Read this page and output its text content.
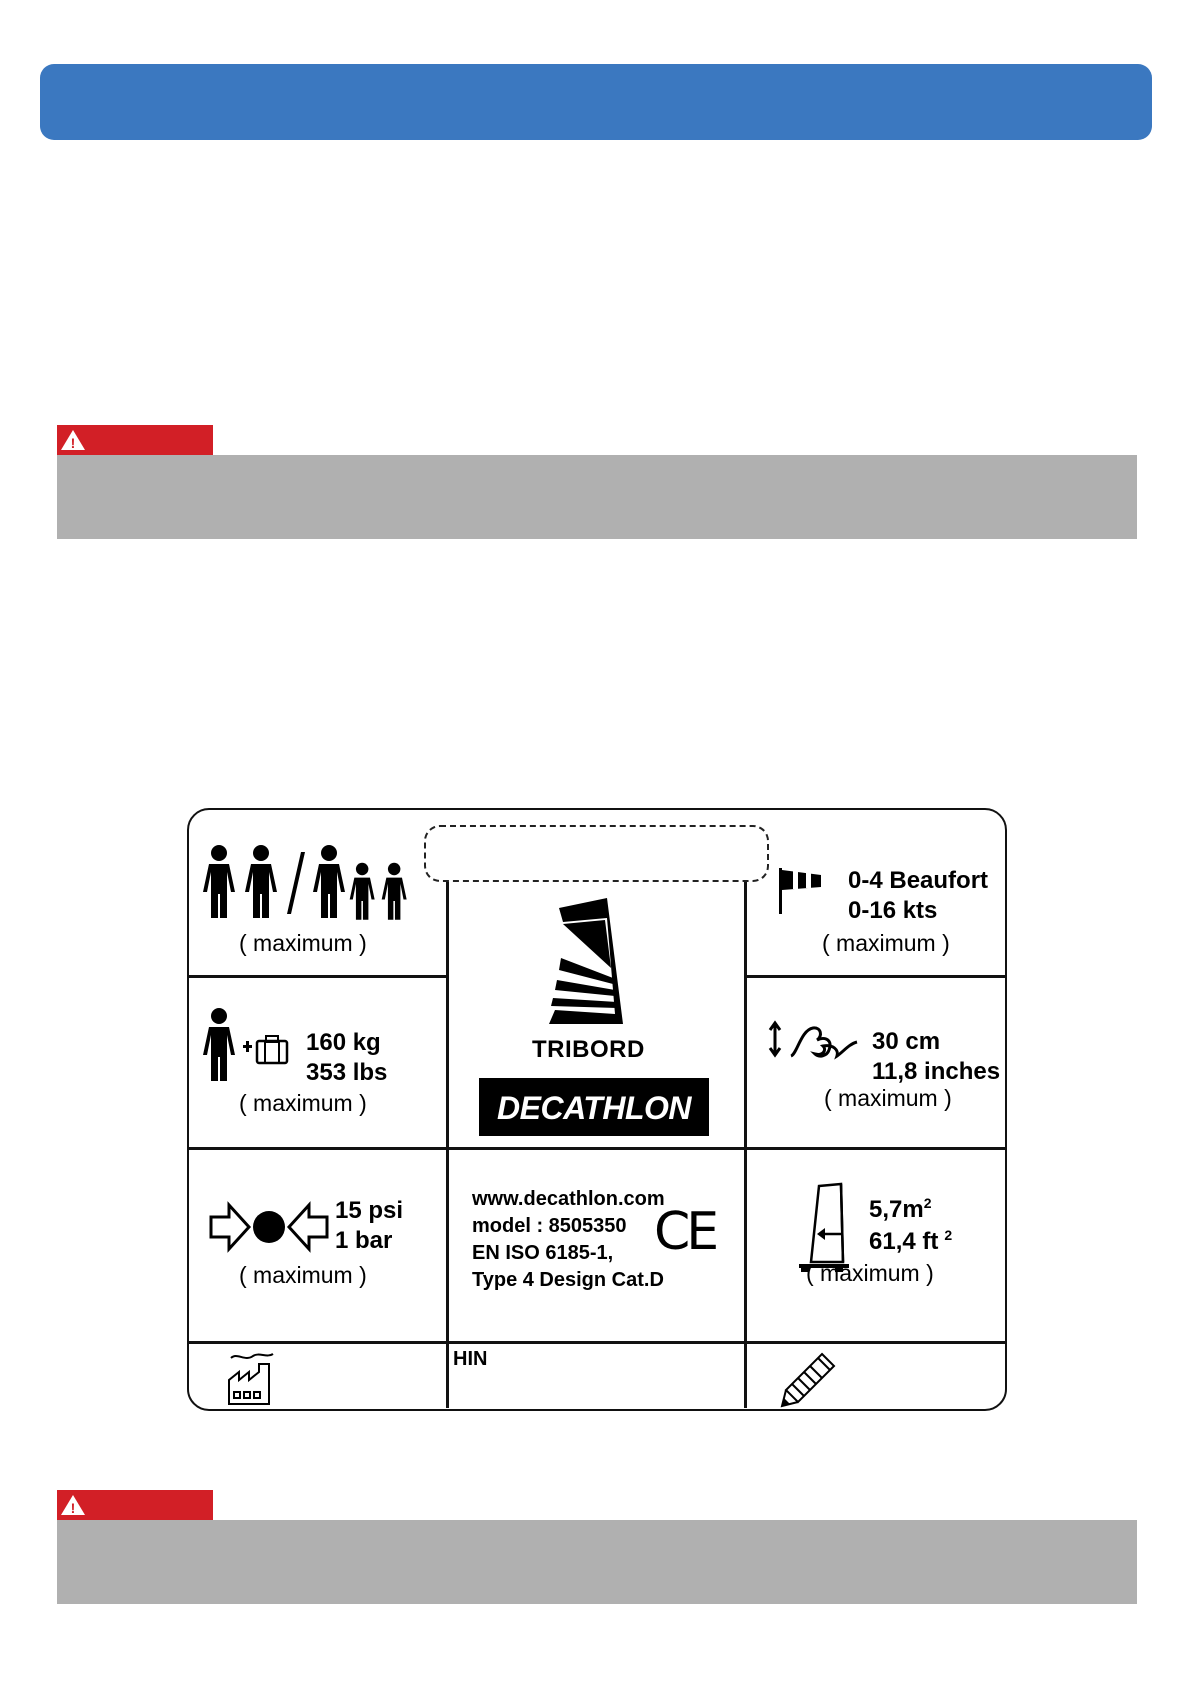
!
( maximum )
0-4 Beaufort
0-16 kts
( maximum )
160 kg
353 lbs
( maximum )
TRIBORD
DECATHLON
30 cm
11,8 inches
( maximum )
15 psi
1 bar
( maximum )
www.decathlon.com
model : 8505350
EN ISO 6185-1,
Type 4 Design Cat.D
CE	$5,7m^2$
61,4 ft $^2$
( maximum )
HIN
!
